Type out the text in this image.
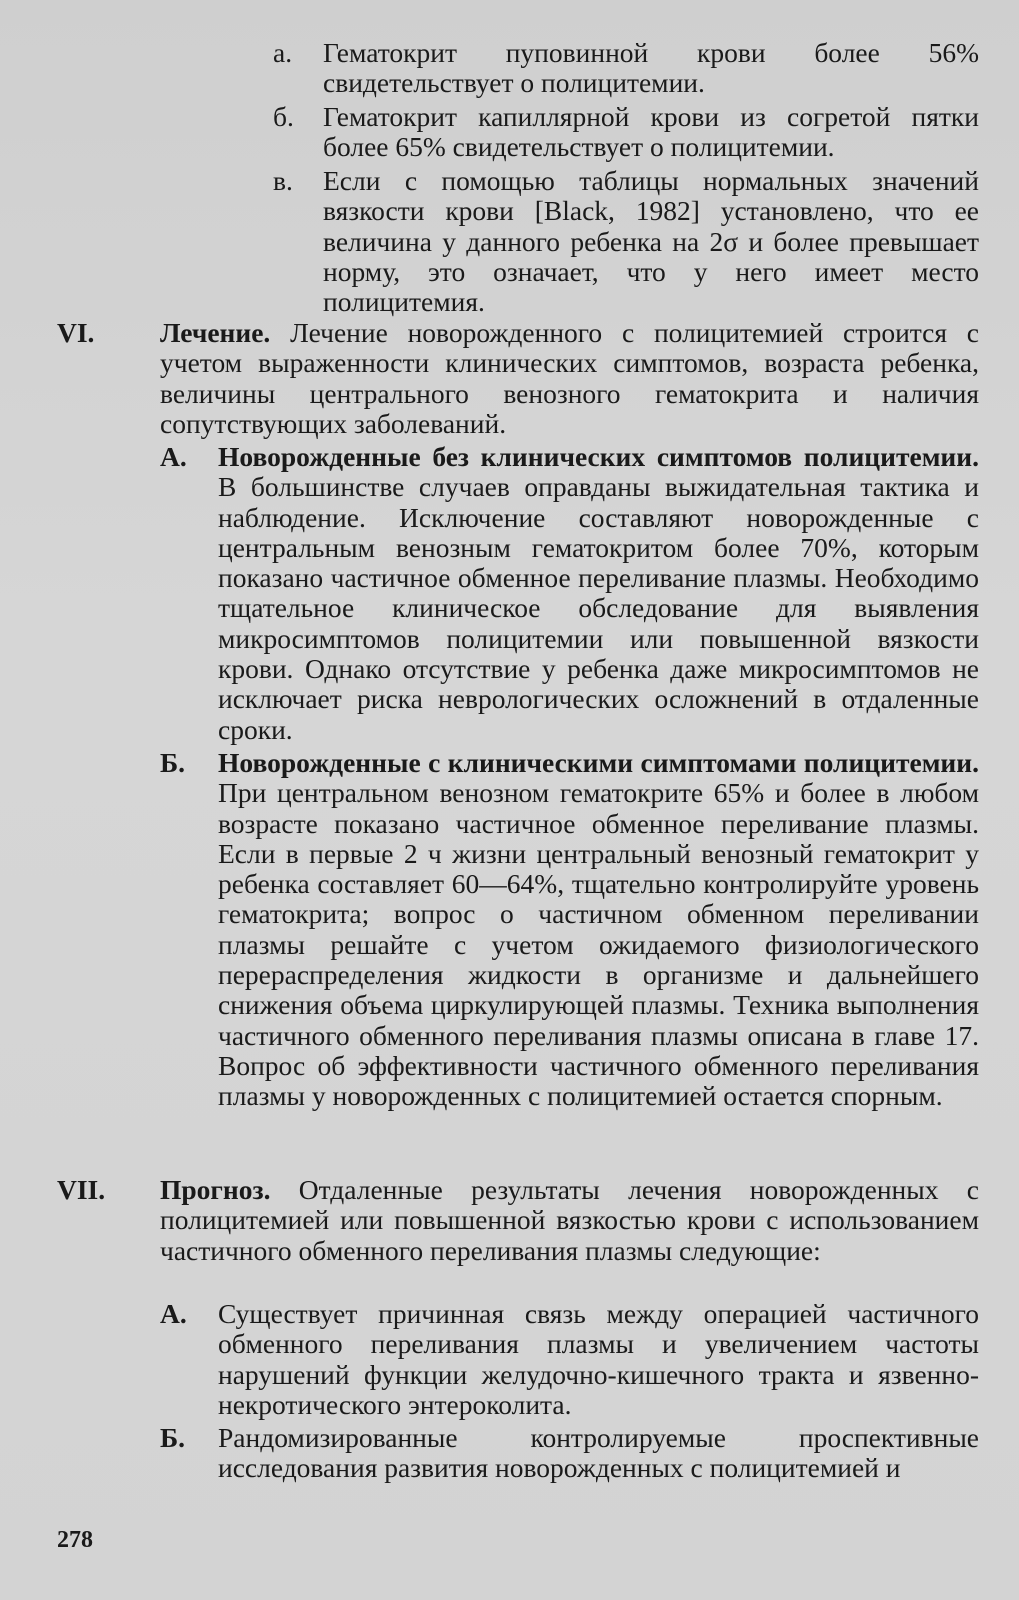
а. Гематокрит пуповинной крови более 56% свидетельствует о полицитемии.
б. Гематокрит капиллярной крови из согретой пятки более 65% свидетельствует о полицитемии.
в. Если с помощью таблицы нормальных значений вязкости крови [Black, 1982] установлено, что ее величина у данного ребенка на 2σ и более превышает норму, это означает, что у него имеет место полицитемия.
VI. Лечение. Лечение новорожденного с полицитемией строится с учетом выраженности клинических симптомов, возраста ребенка, величины центрального венозного гематокрита и наличия сопутствующих заболеваний.
А. Новорожденные без клинических симптомов полицитемии. В большинстве случаев оправданы выжидательная тактика и наблюдение. Исключение составляют новорожденные с центральным венозным гематокритом более 70%, которым показано частичное обменное переливание плазмы. Необходимо тщательное клиническое обследование для выявления микросимптомов полицитемии или повышенной вязкости крови. Однако отсутствие у ребенка даже микросимптомов не исключает риска неврологических осложнений в отдаленные сроки.
Б. Новорожденные с клиническими симптомами полицитемии. При центральном венозном гематокрите 65% и более в любом возрасте показано частичное обменное переливание плазмы. Если в первые 2 ч жизни центральный венозный гематокрит у ребенка составляет 60—64%, тщательно контролируйте уровень гематокрита; вопрос о частичном обменном переливании плазмы решайте с учетом ожидаемого физиологического перераспределения жидкости в организме и дальнейшего снижения объема циркулирующей плазмы. Техника выполнения частичного обменного переливания плазмы описана в главе 17. Вопрос об эффективности частичного обменного переливания плазмы у новорожденных с полицитемией остается спорным.
VII. Прогноз. Отдаленные результаты лечения новорожденных с полицитемией или повышенной вязкостью крови с использованием частичного обменного переливания плазмы следующие:
А. Существует причинная связь между операцией частичного обменного переливания плазмы и увеличением частоты нарушений функции желудочно-кишечного тракта и язвенно-некротического энтероколита.
Б. Рандомизированные контролируемые проспективные исследования развития новорожденных с полицитемией и
278
